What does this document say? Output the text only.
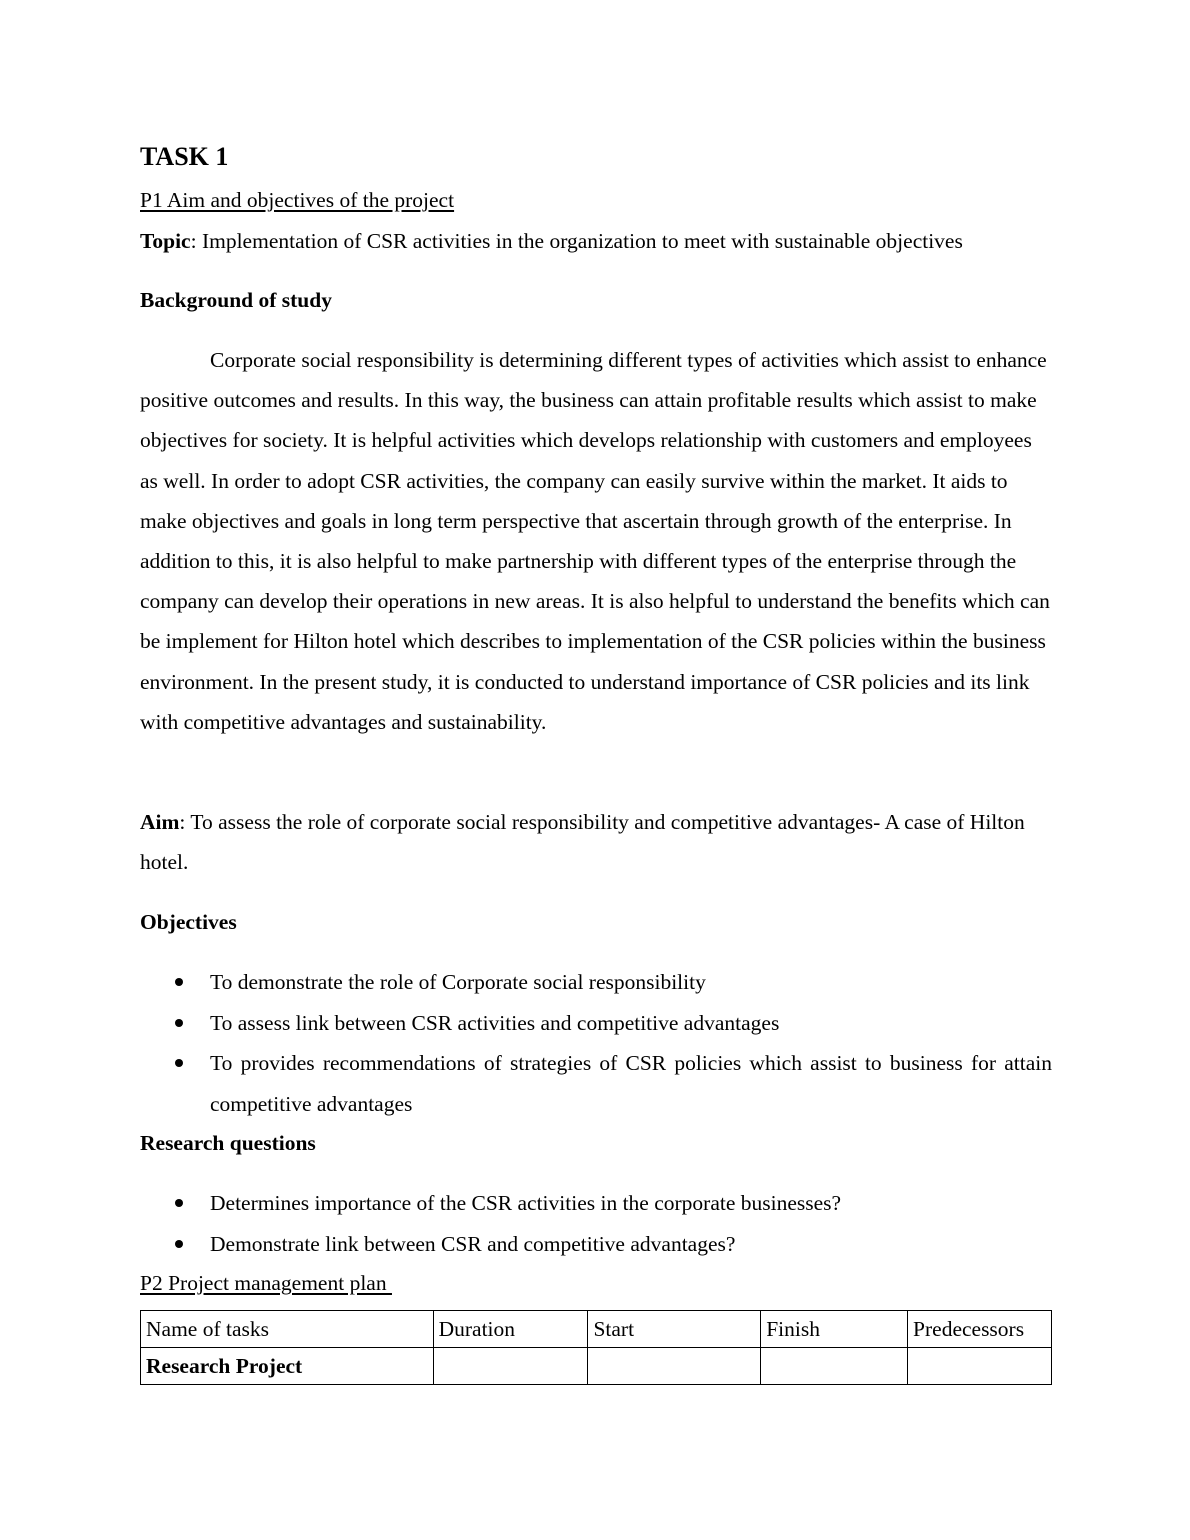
TASK 1
P1 Aim and objectives of the project
Topic: Implementation of CSR activities in the organization to meet with sustainable objectives
Background of study

Corporate social responsibility is determining different types of activities which assist to enhance positive outcomes and results. In this way, the business can attain profitable results which assist to make objectives for society. It is helpful activities which develops relationship with customers and employees as well. In order to adopt CSR activities, the company can easily survive within the market. It aids to make objectives and goals in long term perspective that ascertain through growth of the enterprise. In addition to this, it is also helpful to make partnership with different types of the enterprise through the company can develop their operations in new areas. It is also helpful to understand the benefits which can be implement for Hilton hotel which describes to implementation of the CSR policies within the business environment. In the present study, it is conducted to understand importance of CSR policies and its link with competitive advantages and sustainability.

Aim: To assess the role of corporate social responsibility and competitive advantages- A case of Hilton hotel.

Objectives
To demonstrate the role of Corporate social responsibility
To assess link between CSR activities and competitive advantages
To provides recommendations of strategies of CSR policies which assist to business for attain competitive advantages
Research questions
Determines importance of the CSR activities in the corporate businesses?
Demonstrate link between CSR and competitive advantages?
P2 Project management plan
Name of tasks	Duration	Start	Finish	Predecessors
Research Project				
